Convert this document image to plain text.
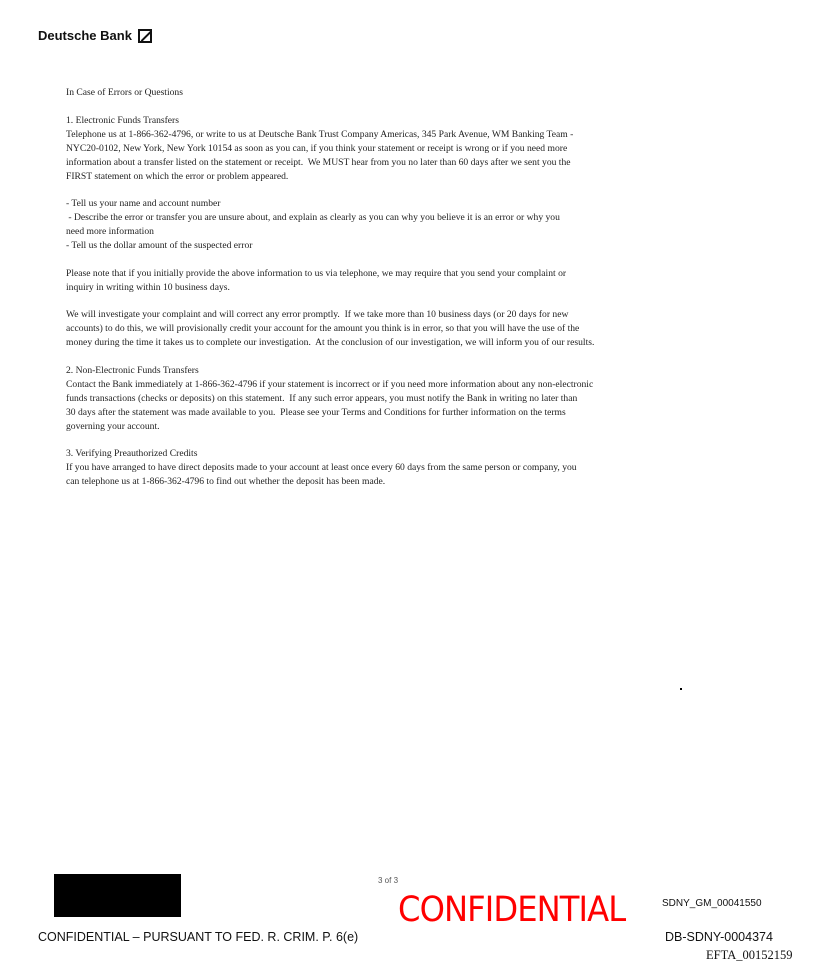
Deutsche Bank
In Case of Errors or Questions
1. Electronic Funds Transfers
Telephone us at 1-866-362-4796, or write to us at Deutsche Bank Trust Company Americas, 345 Park Avenue, WM Banking Team -
NYC20-0102, New York, New York 10154 as soon as you can, if you think your statement or receipt is wrong or if you need more
information about a transfer listed on the statement or receipt.  We MUST hear from you no later than 60 days after we sent you the
FIRST statement on which the error or problem appeared.
- Tell us your name and account number
- Describe the error or transfer you are unsure about, and explain as clearly as you can why you believe it is an error or why you
need more information
- Tell us the dollar amount of the suspected error
Please note that if you initially provide the above information to us via telephone, we may require that you send your complaint or
inquiry in writing within 10 business days.
We will investigate your complaint and will correct any error promptly.  If we take more than 10 business days (or 20 days for new
accounts) to do this, we will provisionally credit your account for the amount you think is in error, so that you will have the use of the
money during the time it takes us to complete our investigation.  At the conclusion of our investigation, we will inform you of our results.
2. Non-Electronic Funds Transfers
Contact the Bank immediately at 1-866-362-4796 if your statement is incorrect or if you need more information about any non-electronic
funds transactions (checks or deposits) on this statement.  If any such error appears, you must notify the Bank in writing no later than
30 days after the statement was made available to you.  Please see your Terms and Conditions for further information on the terms
governing your account.
3. Verifying Preauthorized Credits
If you have arranged to have direct deposits made to your account at least once every 60 days from the same person or company, you
can telephone us at 1-866-362-4796 to find out whether the deposit has been made.
3 of 3
CONFIDENTIAL
CONFIDENTIAL – PURSUANT TO FED. R. CRIM. P. 6(e)
SDNY_GM_00041550
DB-SDNY-0004374
EFTA_00152159
